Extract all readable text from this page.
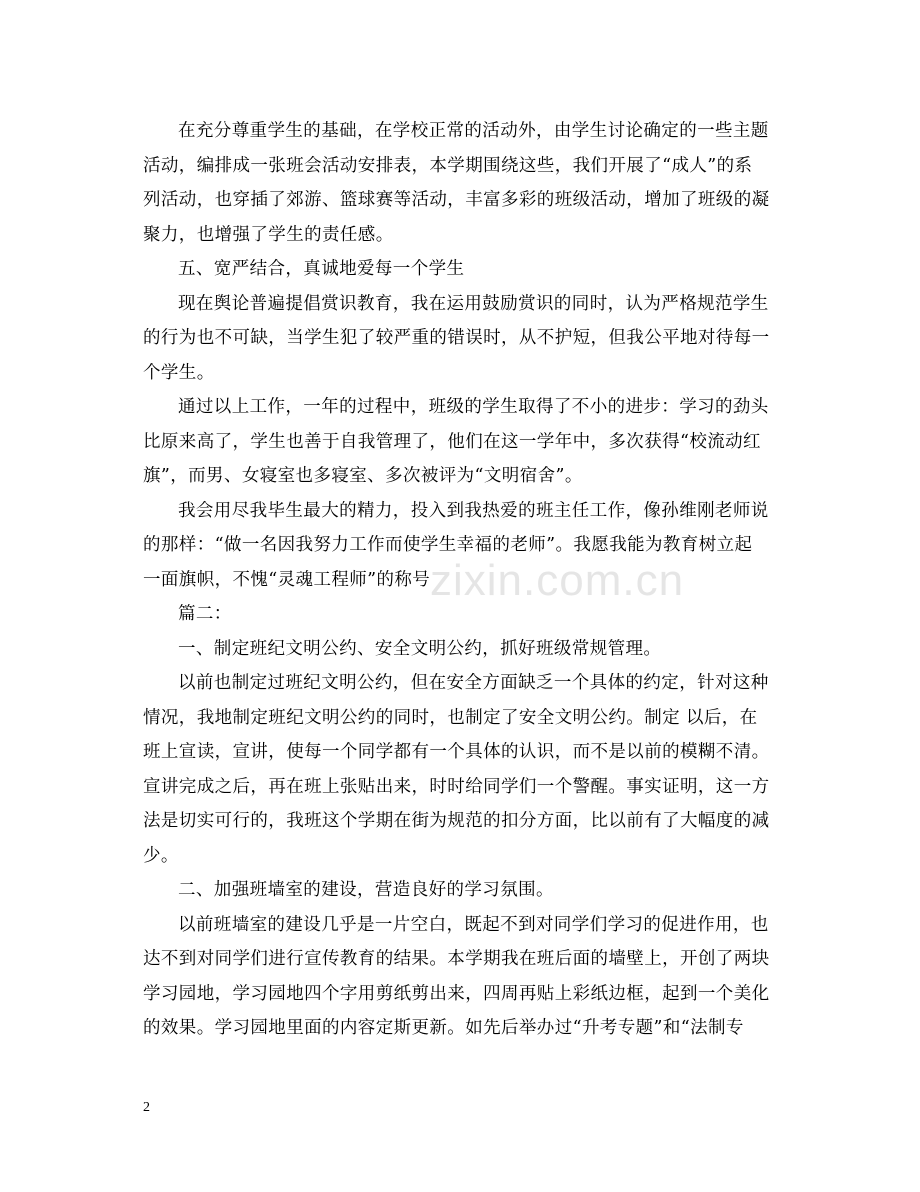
在充分尊重学生的基础，在学校正常的活动外，由学生讨论确定的一些主题
活动，编排成一张班会活动安排表，本学期围绕这些，我们开展了“成人”的系
列活动，也穿插了郊游、篮球赛等活动，丰富多彩的班级活动，增加了班级的凝
聚力，也增强了学生的责任感。
五、宽严结合，真诚地爱每一个学生
现在舆论普遍提倡赏识教育，我在运用鼓励赏识的同时，认为严格规范学生
的行为也不可缺，当学生犯了较严重的错误时，从不护短，但我公平地对待每一
个学生。
通过以上工作，一年的过程中，班级的学生取得了不小的进步：学习的劲头
比原来高了，学生也善于自我管理了，他们在这一学年中，多次获得“校流动红
旗”，而男、女寝室也多寝室、多次被评为“文明宿舍”。
我会用尽我毕生最大的精力，投入到我热爱的班主任工作，像孙维刚老师说
的那样：“做一名因我努力工作而使学生幸福的老师”。我愿我能为教育树立起
一面旗帜，不愧“灵魂工程师”的称号
篇二：
一、制定班纪文明公约、安全文明公约，抓好班级常规管理。
以前也制定过班纪文明公约，但在安全方面缺乏一个具体的约定，针对这种
情况，我地制定班纪文明公约的同时，也制定了安全文明公约。制定 以后，在
班上宣读，宣讲，使每一个同学都有一个具体的认识，而不是以前的模糊不清。
宣讲完成之后，再在班上张贴出来，时时给同学们一个警醒。事实证明，这一方
法是切实可行的，我班这个学期在街为规范的扣分方面，比以前有了大幅度的减
少。
二、加强班墙室的建设，营造良好的学习氛围。
以前班墙室的建设几乎是一片空白，既起不到对同学们学习的促进作用，也
达不到对同学们进行宣传教育的结果。本学期我在班后面的墙壁上，开创了两块
学习园地，学习园地四个字用剪纸剪出来，四周再贴上彩纸边框，起到一个美化
的效果。学习园地里面的内容定斯更新。如先后举办过“升考专题”和“法制专
zixin.com.cn
2
